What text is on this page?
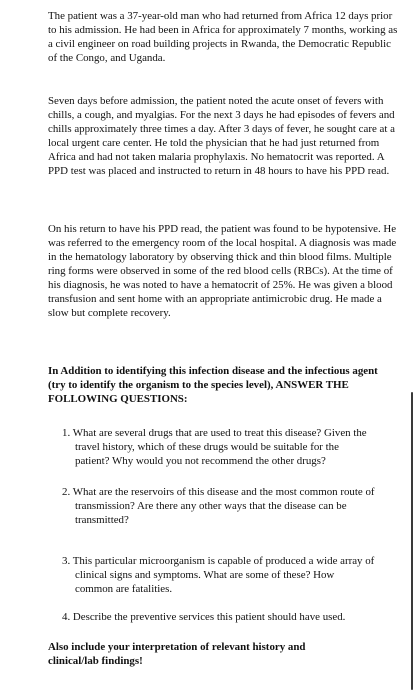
The patient was a 37-year-old man who had returned from Africa 12 days prior to his admission. He had been in Africa for approximately 7 months, working as a civil engineer on road building projects in Rwanda, the Democratic Republic of the Congo, and Uganda.

Seven days before admission, the patient noted the acute onset of fevers with chills, a cough, and myalgias. For the next 3 days he had episodes of fevers and chills approximately three times a day. After 3 days of fever, he sought care at a local urgent care center. He told the physician that he had just returned from Africa and had not taken malaria prophylaxis. No hematocrit was reported. A PPD test was placed and instructed to return in 48 hours to have his PPD read.

On his return to have his PPD read, the patient was found to be hypotensive. He was referred to the emergency room of the local hospital. A diagnosis was made in the hematology laboratory by observing thick and thin blood films. Multiple ring forms were observed in some of the red blood cells (RBCs). At the time of his diagnosis, he was noted to have a hematocrit of 25%. He was given a blood transfusion and sent home with an appropriate antimicrobic drug. He made a slow but complete recovery.

In Addition to identifying this infection disease and the infectious agent (try to identify the organism to the species level), ANSWER THE FOLLOWING QUESTIONS:

1. What are several drugs that are used to treat this disease? Given the travel history, which of these drugs would be suitable for the patient? Why would you not recommend the other drugs?
2. What are the reservoirs of this disease and the most common route of transmission? Are there any other ways that the disease can be transmitted?
3. This particular microorganism is capable of produced a wide array of clinical signs and symptoms. What are some of these? How common are fatalities.
4. Describe the preventive services this patient should have used.

Also include your interpretation of relevant history and clinical/lab findings!
